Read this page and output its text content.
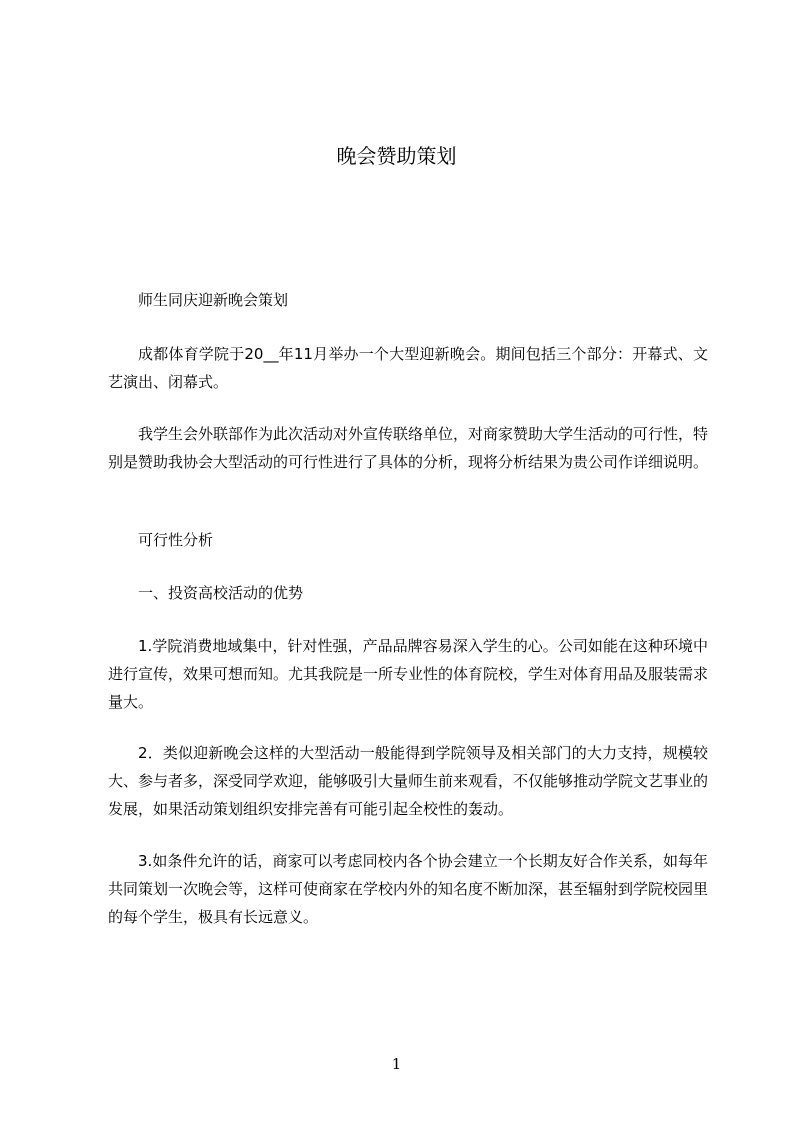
晚会赞助策划

师生同庆迎新晚会策划

成都体育学院于20__年11月举办一个大型迎新晚会。期间包括三个部分：开幕式、文艺演出、闭幕式。

我学生会外联部作为此次活动对外宣传联络单位，对商家赞助大学生活动的可行性，特别是赞助我协会大型活动的可行性进行了具体的分析，现将分析结果为贵公司作详细说明。

可行性分析

一、投资高校活动的优势

1.学院消费地域集中，针对性强，产品品牌容易深入学生的心。公司如能在这种环境中进行宣传，效果可想而知。尤其我院是一所专业性的体育院校，学生对体育用品及服装需求量大。

2．类似迎新晚会这样的大型活动一般能得到学院领导及相关部门的大力支持，规模较大、参与者多，深受同学欢迎，能够吸引大量师生前来观看，不仅能够推动学院文艺事业的发展，如果活动策划组织安排完善有可能引起全校性的轰动。

3.如条件允许的话，商家可以考虑同校内各个协会建立一个长期友好合作关系，如每年共同策划一次晚会等，这样可使商家在学校内外的知名度不断加深，甚至辐射到学院校园里的每个学生，极具有长远意义。

1
